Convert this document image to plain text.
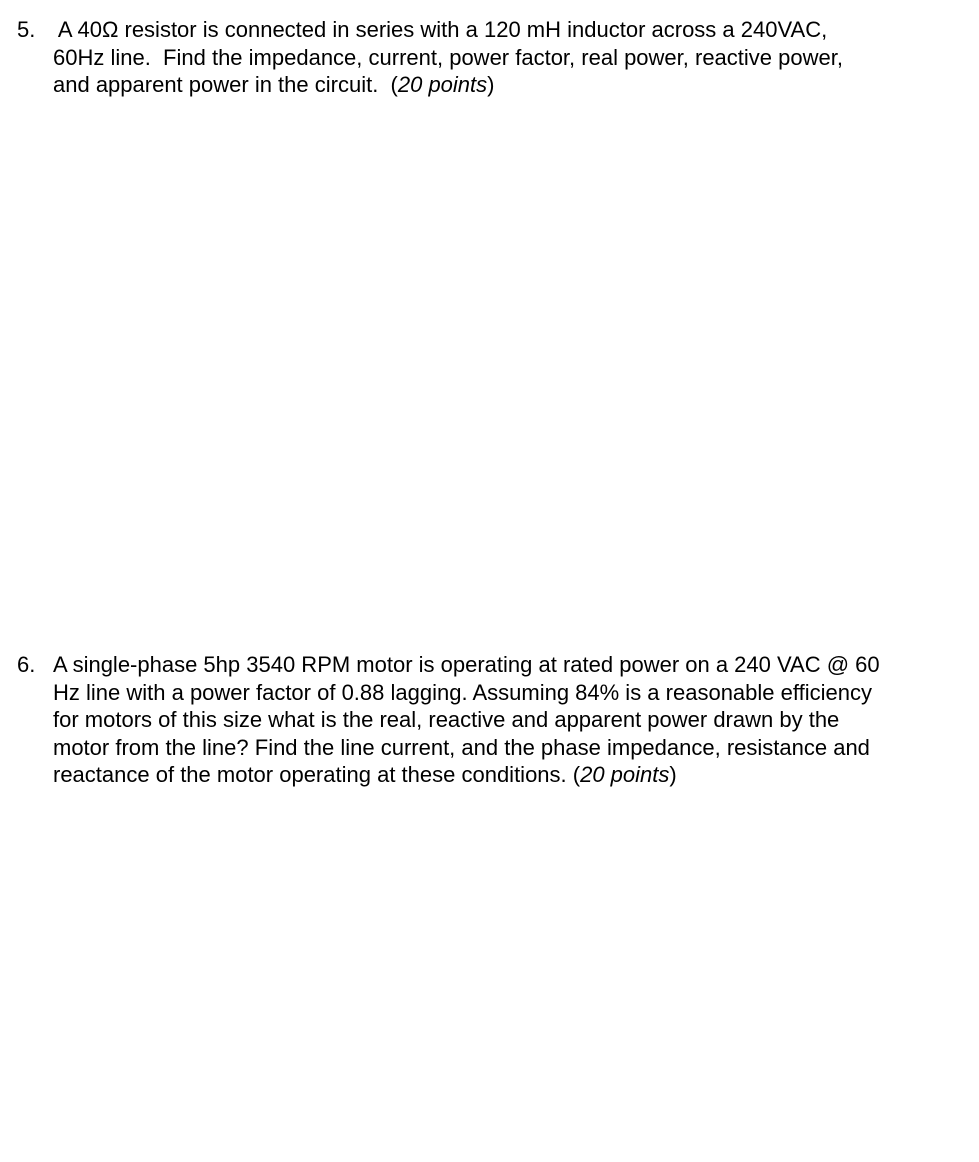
5. A 40Ω resistor is connected in series with a 120 mH inductor across a 240VAC,
60Hz line.  Find the impedance, current, power factor, real power, reactive power,
and apparent power in the circuit.  (20 points)
6. A single-phase 5hp 3540 RPM motor is operating at rated power on a 240 VAC @ 60
Hz line with a power factor of 0.88 lagging. Assuming 84% is a reasonable efficiency
for motors of this size what is the real, reactive and apparent power drawn by the
motor from the line? Find the line current, and the phase impedance, resistance and
reactance of the motor operating at these conditions. (20 points)
